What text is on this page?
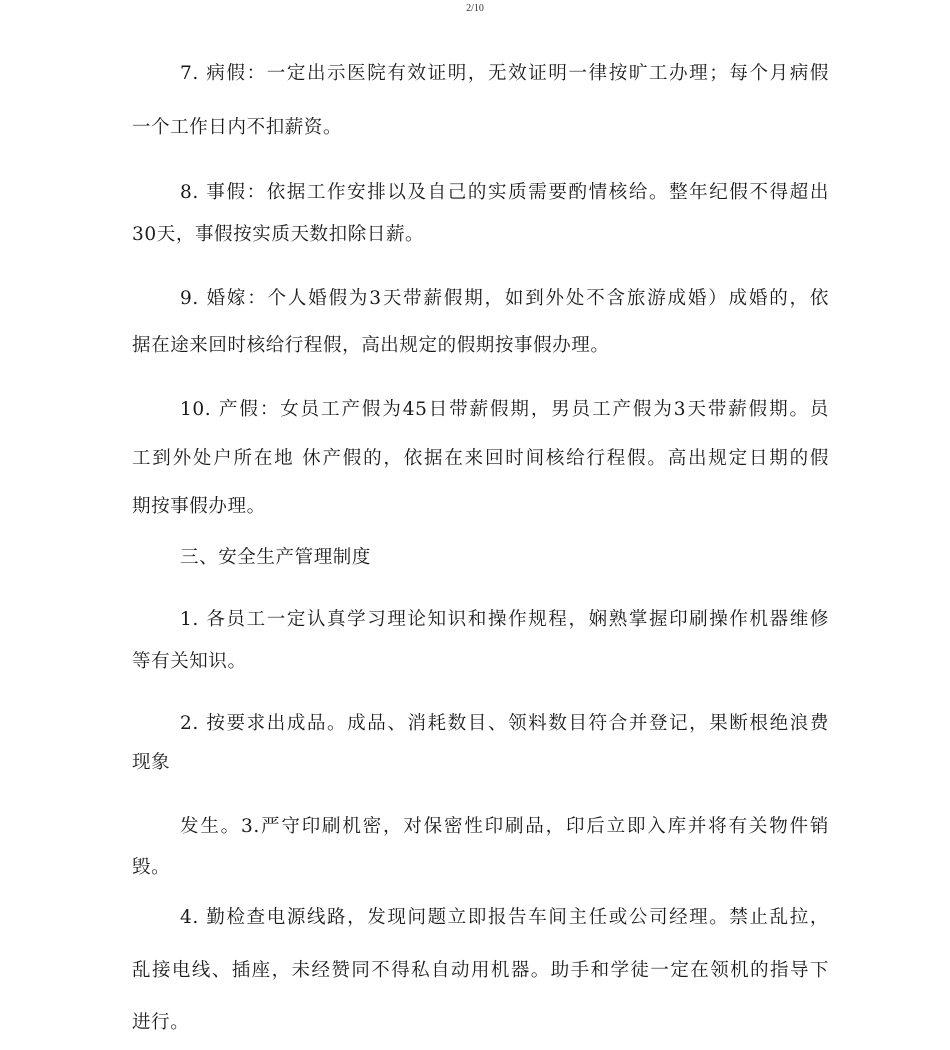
2/10
7. 病假：一定出示医院有效证明，无效证明一律按旷工办理；每个月病假
一个工作日内不扣薪资。
8. 事假：依据工作安排以及自己的实质需要酌情核给。整年纪假不得超出
30天，事假按实质天数扣除日薪。
9. 婚嫁：个人婚假为3天带薪假期，如到外处不含旅游成婚）成婚的，依
据在途来回时核给行程假，高出规定的假期按事假办理。
10. 产假：女员工产假为45日带薪假期，男员工产假为3天带薪假期。员
工到外处户所在地 休产假的，依据在来回时间核给行程假。高出规定日期的假
期按事假办理。
三、安全生产管理制度
1. 各员工一定认真学习理论知识和操作规程，娴熟掌握印刷操作机器维修
等有关知识。
2. 按要求出成品。成品、消耗数目、领料数目符合并登记，果断根绝浪费
现象
发生。3.严守印刷机密，对保密性印刷品，印后立即入库并将有关物件销
毁。
4. 勤检查电源线路，发现问题立即报告车间主任或公司经理。禁止乱拉，
乱接电线、插座，未经赞同不得私自动用机器。助手和学徒一定在领机的指导下
进行。
